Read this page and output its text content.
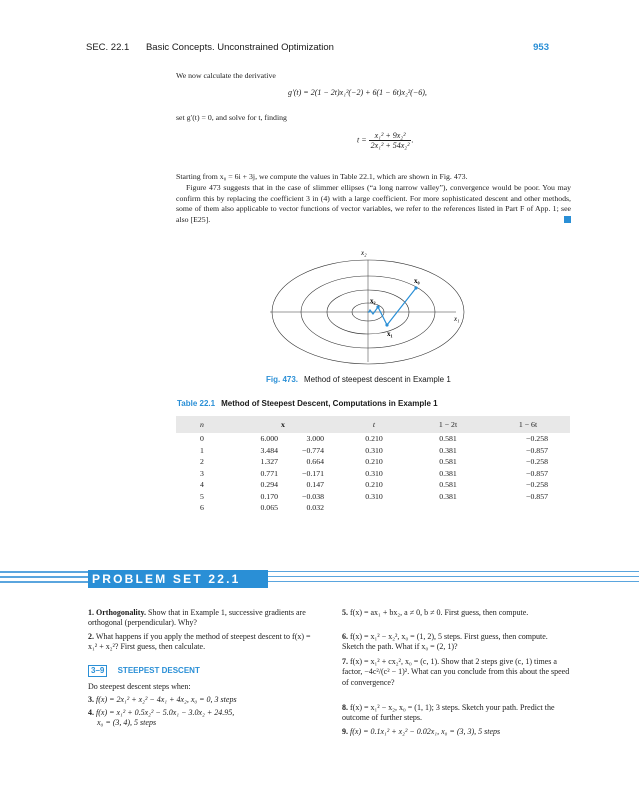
SEC. 22.1 Basic Concepts. Unconstrained Optimization	953
We now calculate the derivative
g′(t) = 2(1 − 2t)x₁²(−2) + 6(1 − 6t)x₂²(−6),
set g′(t) = 0, and solve for t, finding
$t = \frac{\text{x₁² + 9x₂²}}{\text{2x₁² + 54x₂²}}$ .
Starting from x₀ = 6i + 3j, we compute the values in Table 22.1, which are shown in Fig. 473.
Figure 473 suggests that in the case of slimmer ellipses (“a long narrow valley”), convergence would be poor. You may confirm this by replacing the coefficient 3 in (4) with a large coefficient. For more sophisticated descent and other methods, some of them also applicable to vector functions of vector variables, we refer to the references listed in Part F of App. 1; see also [E25].
x₂
x₁
x₀
x₁
x₂
Fig. 473. Method of steepest descent in Example 1
Table 22.1 Method of Steepest Descent, Computations in Example 1
n	x		t	1 − 2t	1 − 6t
0	6.000	3.000	0.210	0.581	−0.258
1	3.484	−0.774	0.310	0.381	−0.857
2	1.327	0.664	0.210	0.581	−0.258
3	0.771	−0.171	0.310	0.381	−0.857
4	0.294	0.147	0.210	0.581	−0.258
5	0.170	−0.038	0.310	0.381	−0.857
6	0.065	0.032			
PROBLEM SET 22.1
1. Orthogonality. Show that in Example 1, successive gradients are orthogonal (perpendicular). Why?
2. What happens if you apply the method of steepest descent to f(x) = x₁² + x₂²? First guess, then calculate.
3–9 STEEPEST DESCENT
Do steepest descent steps when:
3. f(x) = 2x₁² + x₂² − 4x₁ + 4x₂, x₀ = 0, 3 steps
4. f(x) = x₁² + 0.5x₂² − 5.0x₁ − 3.0x₂ + 24.95,
x₀ = (3, 4), 5 steps
5. f(x) = ax₁ + bx₂, a ≠ 0, b ≠ 0. First guess, then compute.
6. f(x) = x₁² − x₂², x₀ = (1, 2), 5 steps. First guess, then compute. Sketch the path. What if x₀ = (2, 1)?
7. f(x) = x₁² + cx₂², x₀ = (c, 1). Show that 2 steps give (c, 1) times a factor, −4c²/(c² − 1)². What can you conclude from this about the speed of convergence?
8. f(x) = x₁² − x₂, x₀ = (1, 1); 3 steps. Sketch your path. Predict the outcome of further steps.
9. f(x) = 0.1x₁² + x₂² − 0.02x₁, x₀ = (3, 3), 5 steps
